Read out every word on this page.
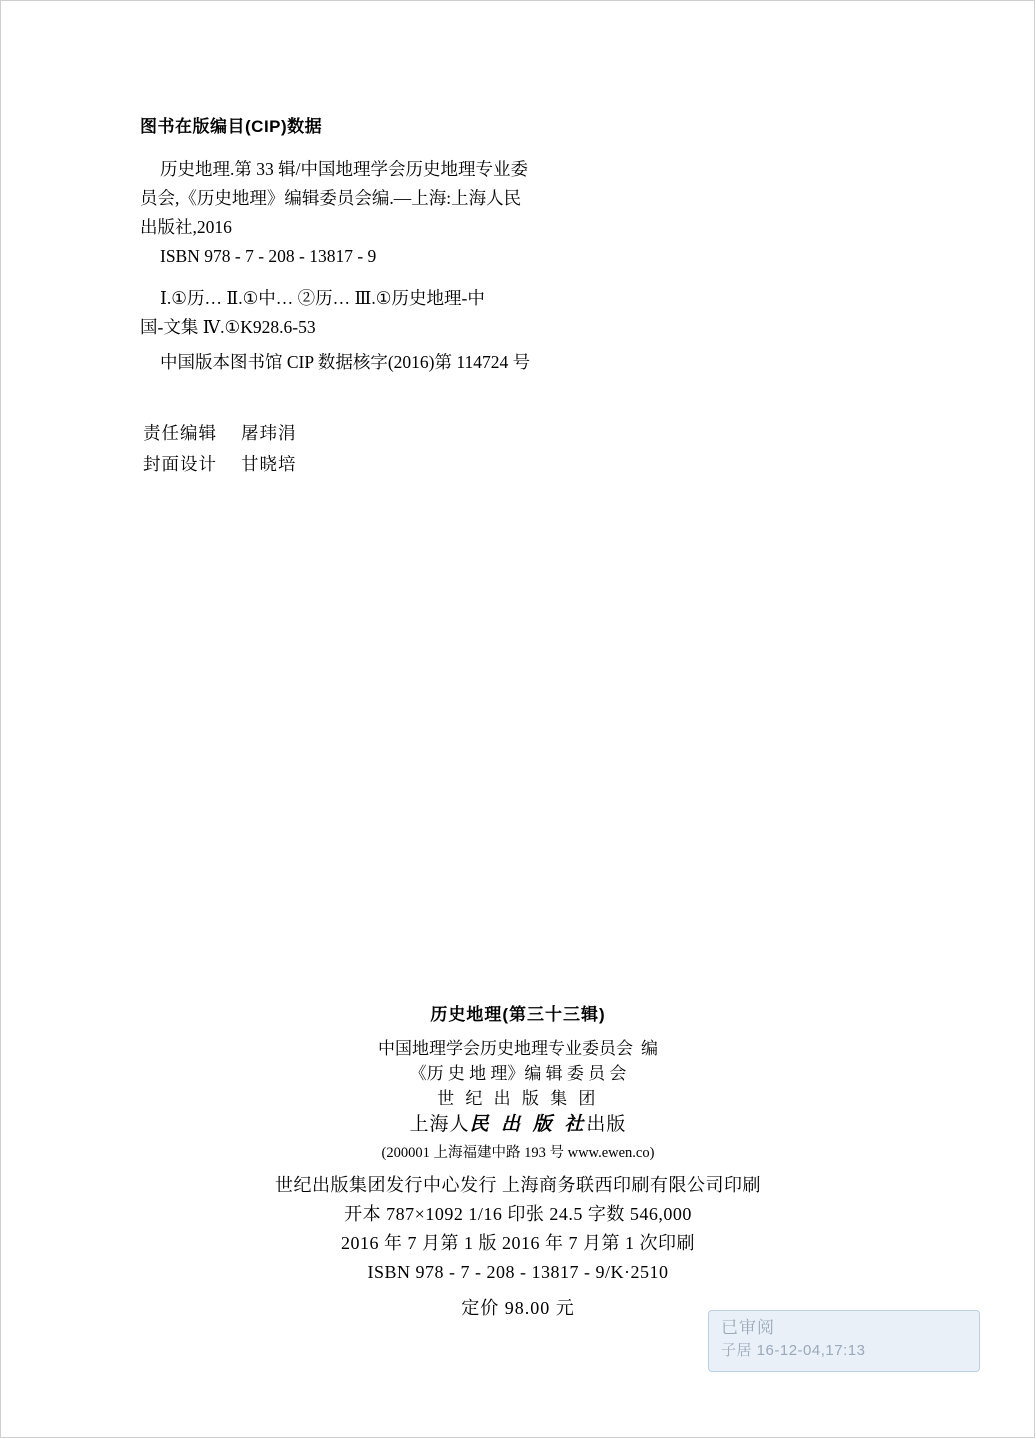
图书在版编目(CIP)数据

历史地理.第 33 辑/中国地理学会历史地理专业委

员会,《历史地理》编辑委员会编.—上海:上海人民

出版社,2016

ISBN 978 - 7 - 208 - 13817 - 9

Ⅰ.①历… Ⅱ.①中… ②历… Ⅲ.①历史地理-中

国-文集 Ⅳ.①K928.6-53

中国版本图书馆 CIP 数据核字(2016)第 114724 号

责任编辑 屠玮涓
封面设计 甘晓培
历史地理(第三十三辑)
中国地理学会历史地理专业委员会 编
《历 史 地 理》编 辑 委 员 会
世 纪 出 版 集 团
上海人民 出 版 社出版
(200001 上海福建中路 193 号 www.ewen.co)
世纪出版集团发行中心发行 上海商务联西印刷有限公司印刷
开本 787×1092 1/16 印张 24.5 字数 546,000
2016 年 7 月第 1 版 2016 年 7 月第 1 次印刷
ISBN 978 - 7 - 208 - 13817 - 9/K·2510
定价 98.00 元
已审阅
子居 16-12-04,17:13
